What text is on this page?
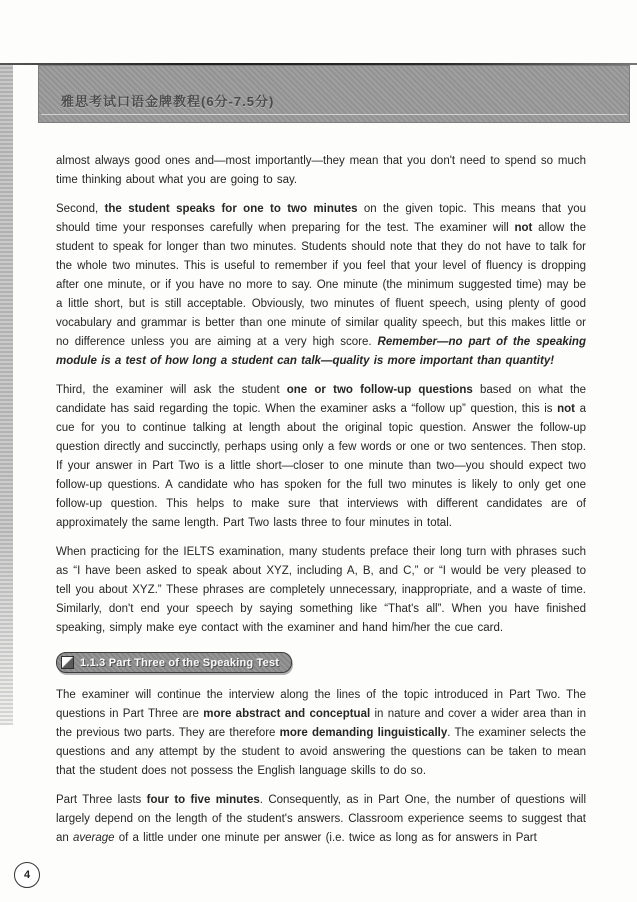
雅思考试口语金牌教程(6分-7.5分)

almost always good ones and—most importantly—they mean that you don't need to spend so much time thinking about what you are going to say.

Second, the student speaks for one to two minutes on the given topic. This means that you should time your responses carefully when preparing for the test. The examiner will not allow the student to speak for longer than two minutes. Students should note that they do not have to talk for the whole two minutes. This is useful to remember if you feel that your level of fluency is dropping after one minute, or if you have no more to say. One minute (the minimum suggested time) may be a little short, but is still acceptable. Obviously, two minutes of fluent speech, using plenty of good vocabulary and grammar is better than one minute of similar quality speech, but this makes little or no difference unless you are aiming at a very high score. Remember—no part of the speaking module is a test of how long a student can talk—quality is more important than quantity!

Third, the examiner will ask the student one or two follow-up questions based on what the candidate has said regarding the topic. When the examiner asks a “follow up” question, this is not a cue for you to continue talking at length about the original topic question. Answer the follow-up question directly and succinctly, perhaps using only a few words or one or two sentences. Then stop. If your answer in Part Two is a little short—closer to one minute than two—you should expect two follow-up questions. A candidate who has spoken for the full two minutes is likely to only get one follow-up question. This helps to make sure that interviews with different candidates are of approximately the same length. Part Two lasts three to four minutes in total.

When practicing for the IELTS examination, many students preface their long turn with phrases such as “I have been asked to speak about XYZ, including A, B, and C,” or “I would be very pleased to tell you about XYZ.” These phrases are completely unnecessary, inappropriate, and a waste of time. Similarly, don't end your speech by saying something like “That's all”. When you have finished speaking, simply make eye contact with the examiner and hand him/her the cue card.

1.1.3 Part Three of the Speaking Test

The examiner will continue the interview along the lines of the topic introduced in Part Two. The questions in Part Three are more abstract and conceptual in nature and cover a wider area than in the previous two parts. They are therefore more demanding linguistically. The examiner selects the questions and any attempt by the student to avoid answering the questions can be taken to mean that the student does not possess the English language skills to do so.

Part Three lasts four to five minutes. Consequently, as in Part One, the number of questions will largely depend on the length of the student's answers. Classroom experience seems to suggest that an average of a little under one minute per answer (i.e. twice as long as for answers in Part

4
